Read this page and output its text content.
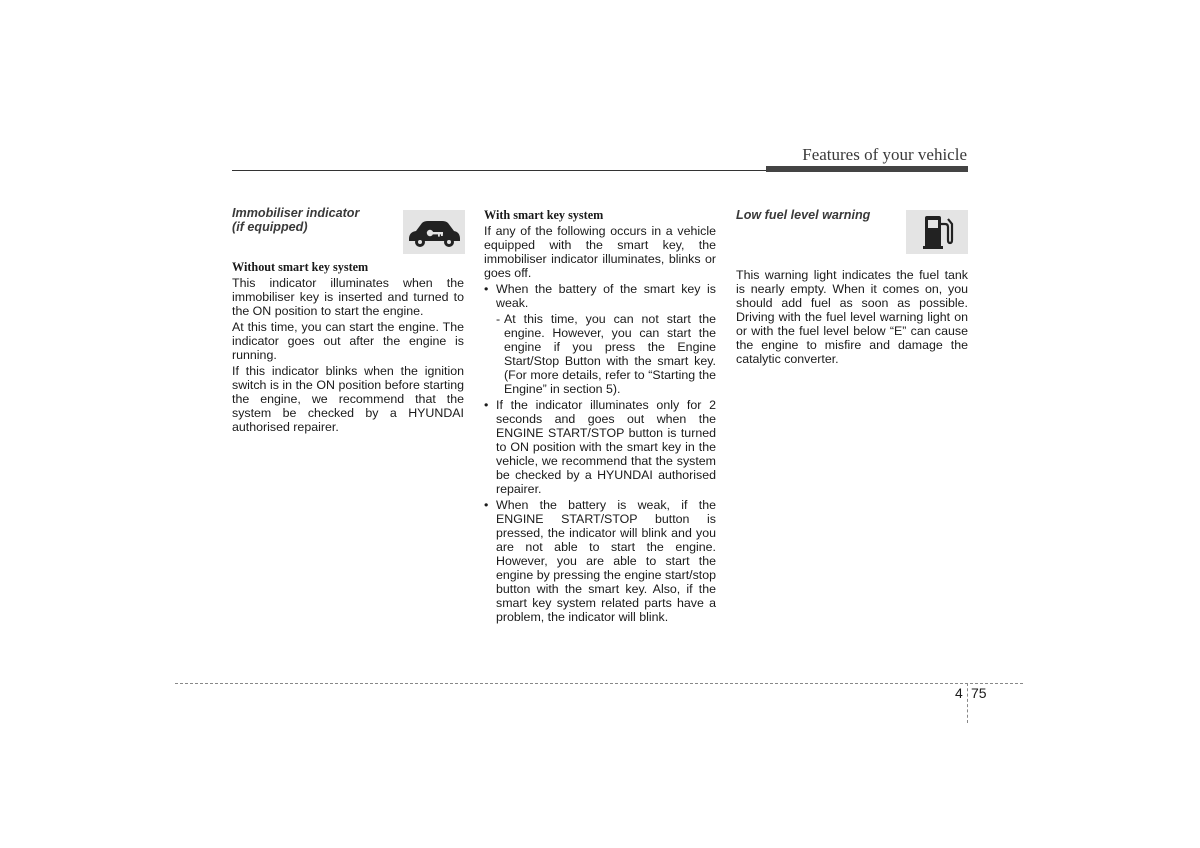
Features of your vehicle
Immobiliser indicator
(if equipped)
Without smart key system

This indicator illuminates when the immobiliser key is inserted and turned to the ON position to start the engine.

At this time, you can start the engine. The indicator goes out after the engine is running.

If this indicator blinks when the ignition switch is in the ON position before starting the engine, we recommend that the system be checked by a HYUNDAI authorised repairer.

With smart key system

If any of the following occurs in a vehicle equipped with the smart key, the immobiliser indicator illuminates, blinks or goes off.

• When the battery of the smart key is weak.
- At this time, you can not start the engine. However, you can start the engine if you press the Engine Start/Stop Button with the smart key. (For more details, refer to “Starting the Engine” in section 5).
• If the indicator illuminates only for 2 seconds and goes out when the ENGINE START/STOP button is turned to ON position with the smart key in the vehicle, we recommend that the system be checked by a HYUNDAI authorised repairer.
• When the battery is weak, if the ENGINE START/STOP button is pressed, the indicator will blink and you are not able to start the engine. However, you are able to start the engine by pressing the engine start/stop button with the smart key. Also, if the smart key system related parts have a problem, the indicator will blink.
Low fuel level warning

This warning light indicates the fuel tank is nearly empty. When it comes on, you should add fuel as soon as possible. Driving with the fuel level warning light on or with the fuel level below “E” can cause the engine to misfire and damage the catalytic converter.

4 75
